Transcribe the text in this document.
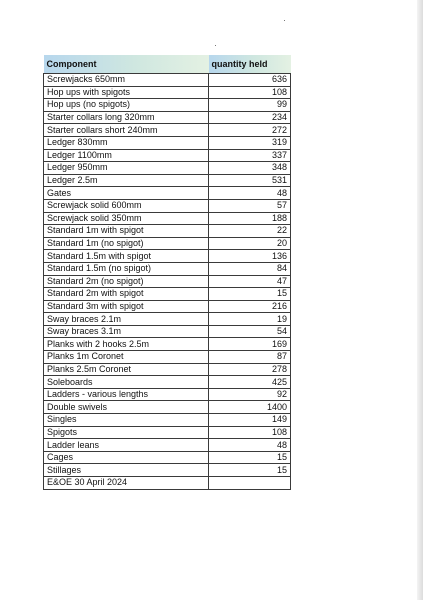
Component	quantity held
Screwjacks 650mm	636
Hop ups with spigots	108
Hop ups (no spigots)	99
Starter collars long 320mm	234
Starter collars short 240mm	272
Ledger 830mm	319
Ledger 1100mm	337
Ledger 950mm	348
Ledger 2.5m	531
Gates	48
Screwjack solid 600mm	57
Screwjack solid 350mm	188
Standard 1m with spigot	22
Standard 1m (no spigot)	20
Standard 1.5m with spigot	136
Standard 1.5m (no spigot)	84
Standard 2m (no spigot)	47
Standard 2m with spigot	15
Standard 3m with spigot	216
Sway braces 2.1m	19
Sway braces 3.1m	54
Planks with 2 hooks 2.5m	169
Planks 1m Coronet	87
Planks 2.5m Coronet	278
Soleboards	425
Ladders - various lengths	92
Double swivels	1400
Singles	149
Spigots	108
Ladder leans	48
Cages	15
Stillages	15
E&OE 30 April 2024	
